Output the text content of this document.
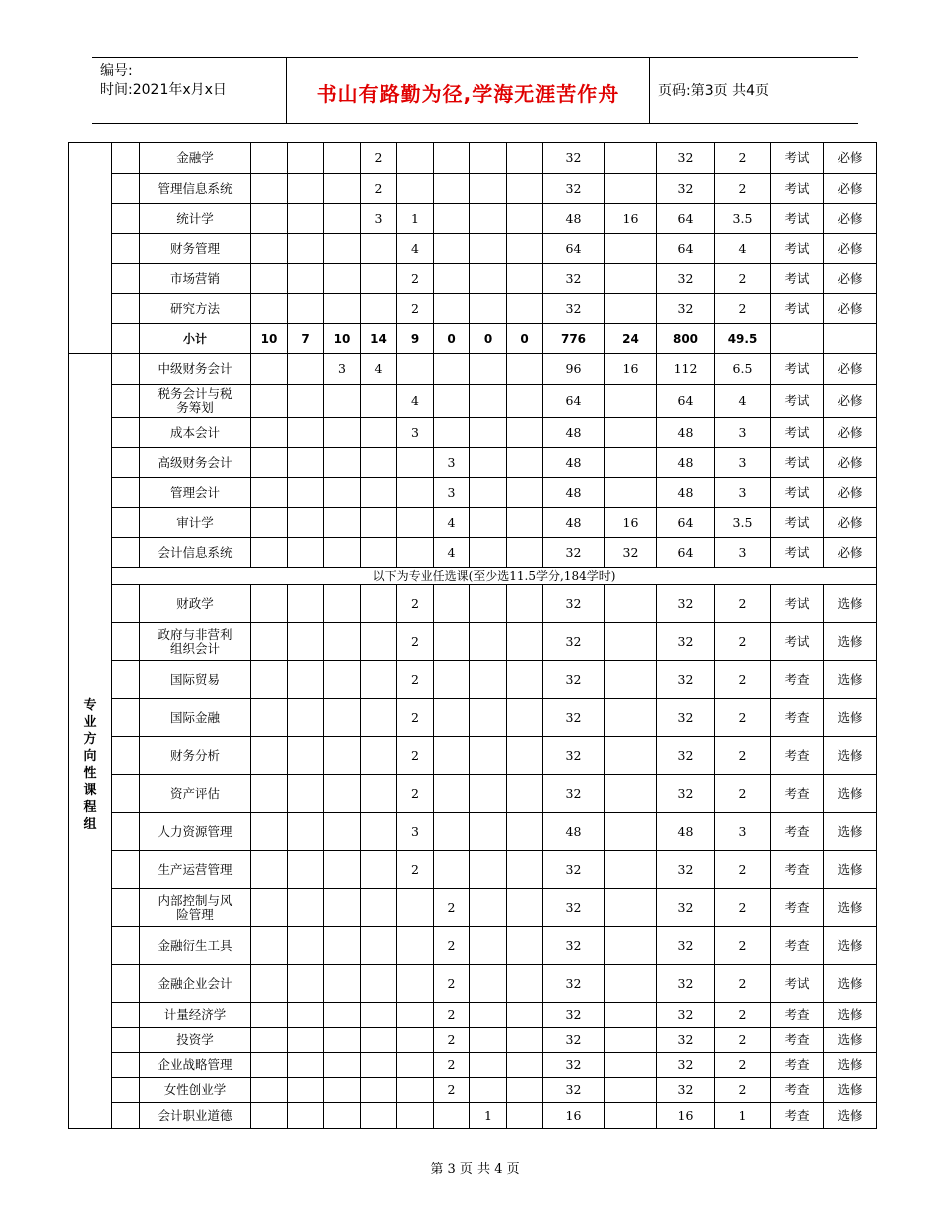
编号:
时间:2021年x月x日	书山有路勤为径,学海无涯苦作舟	页码:第3页 共4页
		金融学				2					32		32	2	考试	必修
		管理信息系统				2					32		32	2	考试	必修
		统计学				3	1				48	16	64	3.5	考试	必修
		财务管理					4				64		64	4	考试	必修
		市场营销					2				32		32	2	考试	必修
		研究方法					2				32		32	2	考试	必修
		小计	10	7	10	14	9	0	0	0	776	24	800	49.5		
专业方向性课程组		中级财务会计			3	4					96	16	112	6.5	考试	必修

		税务会计与税
务筹划					4				64		64	4	考试	必修
		成本会计					3				48		48	3	考试	必修
		高级财务会计						3			48		48	3	考试	必修
		管理会计						3			48		48	3	考试	必修
		审计学						4			48	16	64	3.5	考试	必修
		会计信息系统						4			32	32	64	3	考试	必修
	以下为专业任选课(至少选11.5学分,184学时)															
		财政学					2				32		32	2	考试	选修

		政府与非营利
组织会计					2				32		32	2	考试	选修
		国际贸易					2				32		32	2	考查	选修
		国际金融					2				32		32	2	考查	选修
		财务分析					2				32		32	2	考查	选修
		资产评估					2				32		32	2	考查	选修
		人力资源管理					3				48		48	3	考查	选修
		生产运营管理					2				32		32	2	考查	选修

		内部控制与风
险管理						2			32		32	2	考查	选修
		金融衍生工具						2			32		32	2	考查	选修
		金融企业会计						2			32		32	2	考试	选修
		计量经济学						2			32		32	2	考查	选修
		投资学						2			32		32	2	考查	选修
		企业战略管理						2			32		32	2	考查	选修
		女性创业学						2			32		32	2	考查	选修
		会计职业道德							1		16		16	1	考查	选修
第 3 页 共 4 页
